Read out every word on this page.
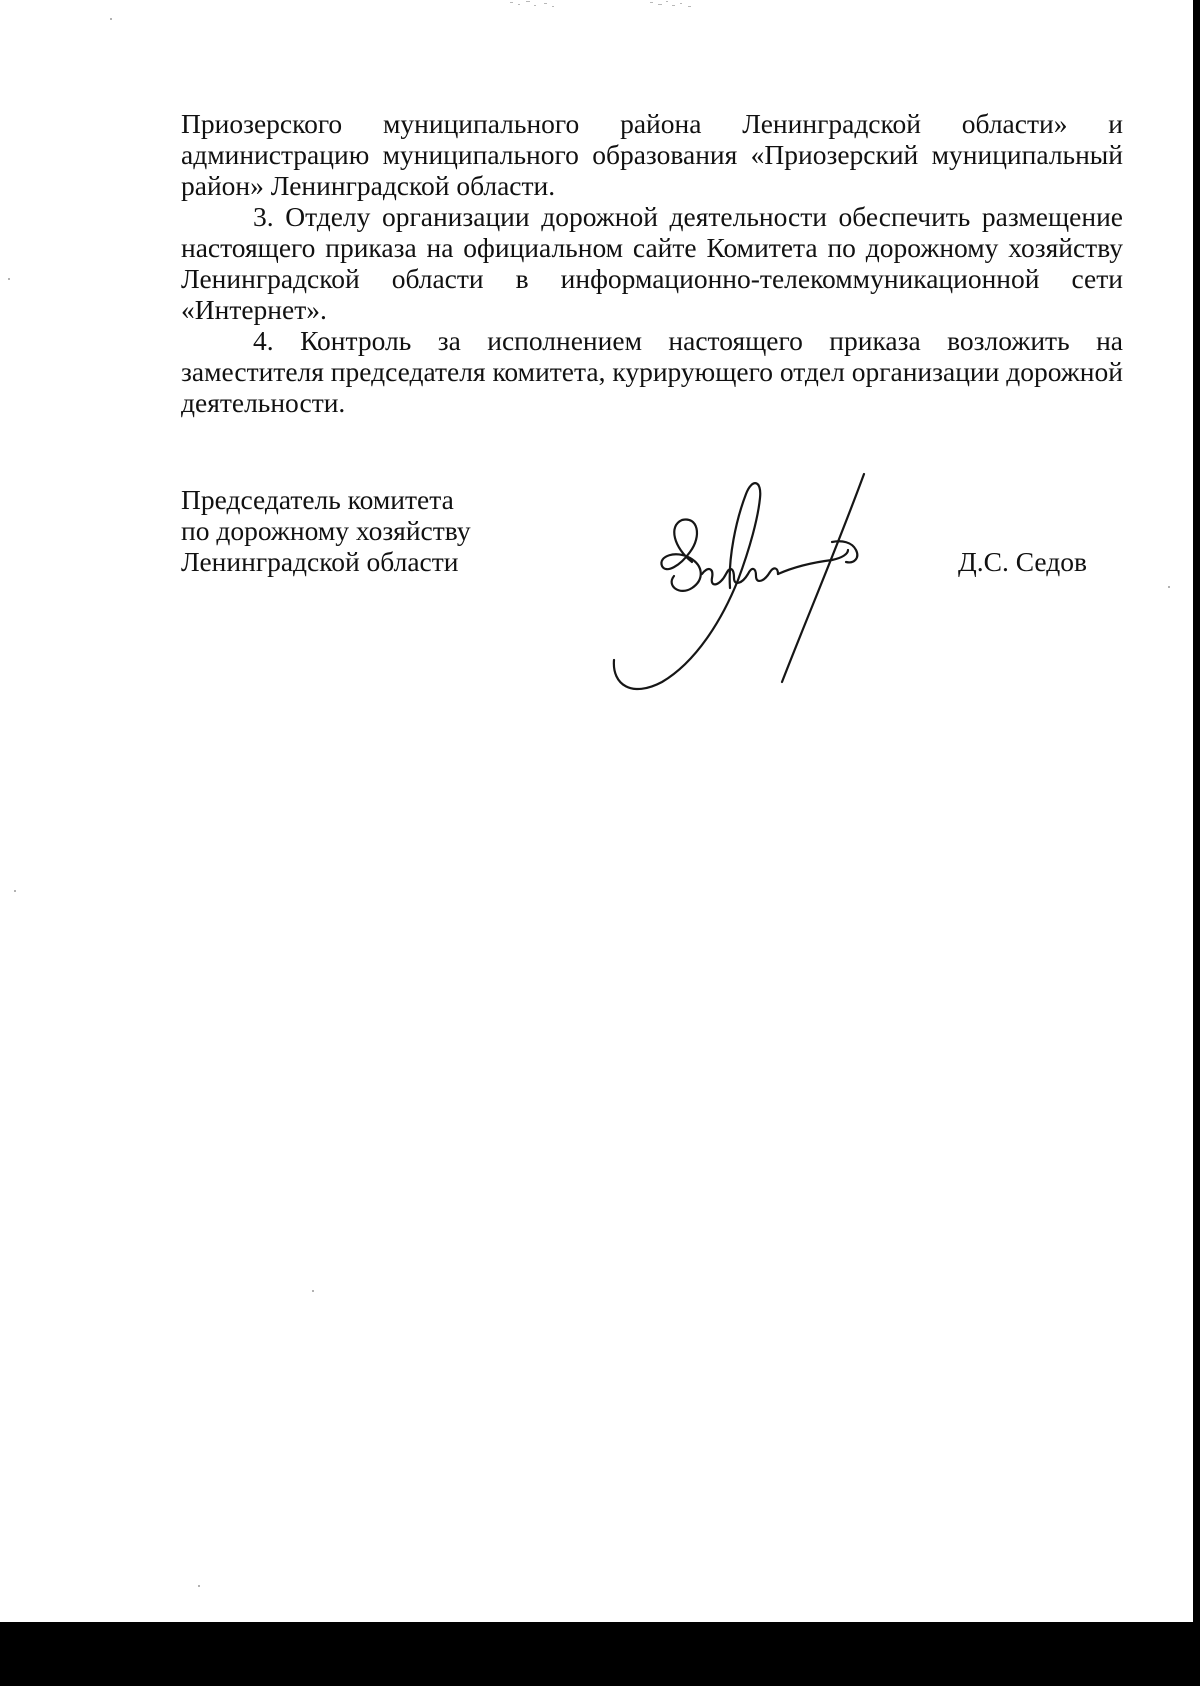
Приозерского муниципального района Ленинградской области» и администрацию муниципального образования «Приозерский муниципальный район» Ленинградской области.

3. Отделу организации дорожной деятельности обеспечить размещение настоящего приказа на официальном сайте Комитета по дорожному хозяйству Ленинградской области в информационно-телекоммуникационной сети «Интернет».

4. Контроль за исполнением настоящего приказа возложить на заместителя председателя комитета, курирующего отдел организации дорожной деятельности.

Председатель комитета
по дорожному хозяйству
Ленинградской области	Д.С. Седов
